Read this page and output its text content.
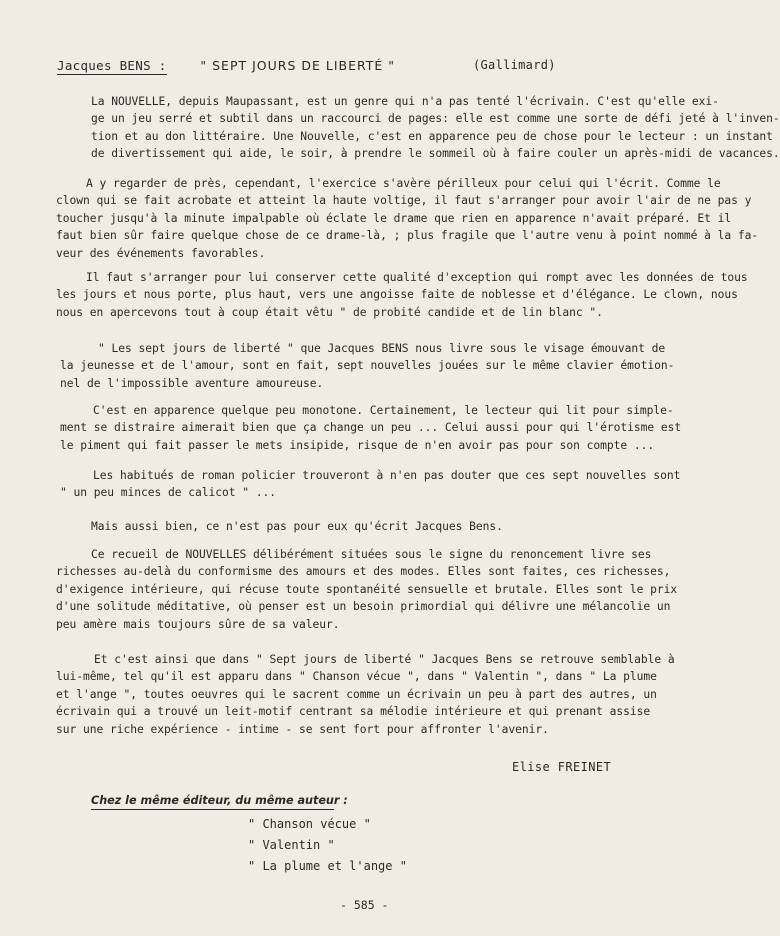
Jacques BENS :	" SEPT JOURS DE LIBERTÉ "	(Gallimard)

La NOUVELLE, depuis Maupassant, est un genre qui n'a pas tenté l'écrivain. C'est qu'elle exi-
ge un jeu serré et subtil dans un raccourci de pages: elle est comme une sorte de défi jeté à l'inven-
tion et au don littéraire. Une Nouvelle, c'est en apparence peu de chose pour le lecteur : un instant
de divertissement qui aide, le soir, à prendre le sommeil où à faire couler un après-midi de vacances.

A y regarder de près, cependant, l'exercice s'avère périlleux pour celui qui l'écrit. Comme le
clown qui se fait acrobate et atteint la haute voltige, il faut s'arranger pour avoir l'air de ne pas y
toucher jusqu'à la minute impalpable où éclate le drame que rien en apparence n'avait préparé. Et il
faut bien sûr faire quelque chose de ce drame-là, ; plus fragile que l'autre venu à point nommé à la fa-
veur des événements favorables.

Il faut s'arranger pour lui conserver cette qualité d'exception qui rompt avec les données de tous
les jours et nous porte, plus haut, vers une angoisse faite de noblesse et d'élégance. Le clown, nous
nous en apercevons tout à coup était vêtu " de probité candide et de lin blanc ".

" Les sept jours de liberté " que Jacques BENS nous livre sous le visage émouvant de
la jeunesse et de l'amour, sont en fait, sept nouvelles jouées sur le même clavier émotion-
nel de l'impossible aventure amoureuse.

C'est en apparence quelque peu monotone. Certainement, le lecteur qui lit pour simple-
ment se distraire aimerait bien que ça change un peu ... Celui aussi pour qui l'érotisme est
le piment qui fait passer le mets insipide, risque de n'en avoir pas pour son compte ...

Les habitués de roman policier trouveront à n'en pas douter que ces sept nouvelles sont
" un peu minces de calicot " ...

Mais aussi bien, ce n'est pas pour eux qu'écrit Jacques Bens.

Ce recueil de NOUVELLES délibérément situées sous le signe du renoncement livre ses
richesses au-delà du conformisme des amours et des modes. Elles sont faites, ces richesses,
d'exigence intérieure, qui récuse toute spontanéité sensuelle et brutale. Elles sont le prix
d'une solitude méditative, où penser est un besoin primordial qui délivre une mélancolie un
peu amère mais toujours sûre de sa valeur.

Et c'est ainsi que dans " Sept jours de liberté " Jacques Bens se retrouve semblable à
lui-même, tel qu'il est apparu dans " Chanson vécue ", dans " Valentin ", dans " La plume
et l'ange ", toutes oeuvres qui le sacrent comme un écrivain un peu à part des autres, un
écrivain qui a trouvé un leit-motif centrant sa mélodie intérieure et qui prenant assise
sur une riche expérience - intime - se sent fort pour affronter l'avenir.

Elise FREINET
Chez le même éditeur, du même auteur :
" Chanson vécue "
" Valentin "
" La plume et l'ange "
- 585 -
